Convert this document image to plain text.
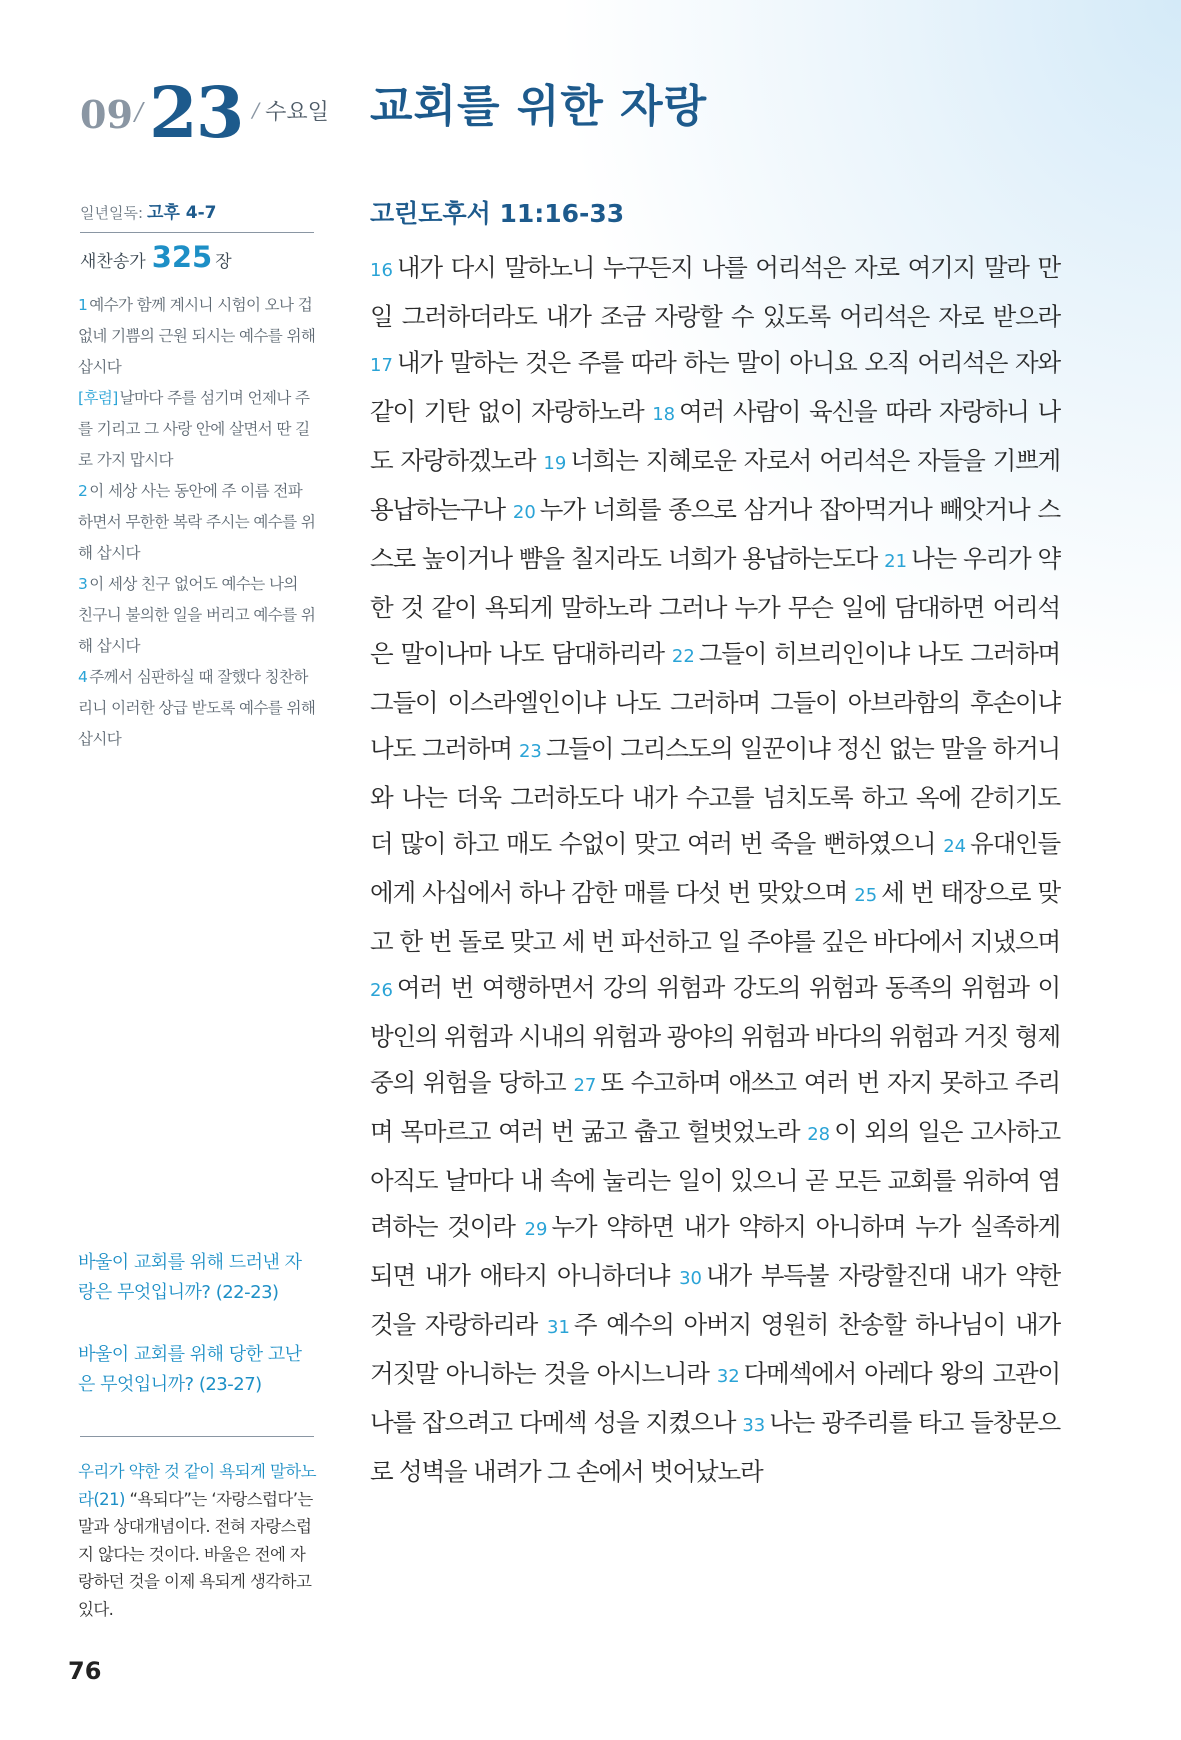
09 / 23 / 수요일 교회를 위한 자랑
일년일독: 고후 4-7
새찬송가 325 장
1 예수가 함께 계시니 시험이 오나 겁 없네 기쁨의 근원 되시는 예수를 위해 삽시다
[후렴] 날마다 주를 섬기며 언제나 주를 기리고 그 사랑 안에 살면서 딴 길로 가지 맙시다
2 이 세상 사는 동안에 주 이름 전파하면서 무한한 복락 주시는 예수를 위해 삽시다
3 이 세상 친구 없어도 예수는 나의 친구니 불의한 일을 버리고 예수를 위해 삽시다
4 주께서 심판하실 때 잘했다 칭찬하리니 이러한 상급 받도록 예수를 위해 삽시다
바울이 교회를 위해 드러낸 자랑은 무엇입니까? (22-23)
바울이 교회를 위해 당한 고난은 무엇입니까? (23-27)
우리가 약한 것 같이 욕되게 말하노라(21) “욕되다”는 ‘자랑스럽다’는 말과 상대개념이다. 전혀 자랑스럽지 않다는 것이다. 바울은 전에 자랑하던 것을 이제 욕되게 생각하고 있다.
76
고린도후서 11:16-33
16 내가 다시 말하노니 누구든지 나를 어리석은 자로 여기지 말라 만일 그러하더라도 내가 조금 자랑할 수 있도록 어리석은 자로 받으라 17 내가 말하는 것은 주를 따라 하는 말이 아니요 오직 어리석은 자와 같이 기탄 없이 자랑하노라 18 여러 사람이 육신을 따라 자랑하니 나도 자랑하겠노라 19 너희는 지혜로운 자로서 어리석은 자들을 기쁘게 용납하는구나 20 누가 너희를 종으로 삼거나 잡아먹거나 빼앗거나 스스로 높이거나 뺨을 칠지라도 너희가 용납하는도다 21 나는 우리가 약한 것 같이 욕되게 말하노라 그러나 누가 무슨 일에 담대하면 어리석은 말이나마 나도 담대하리라 22 그들이 히브리인이냐 나도 그러하며 그들이 이스라엘인이냐 나도 그러하며 그들이 아브라함의 후손이냐 나도 그러하며 23 그들이 그리스도의 일꾼이냐 정신 없는 말을 하거니와 나는 더욱 그러하도다 내가 수고를 넘치도록 하고 옥에 갇히기도 더 많이 하고 매도 수없이 맞고 여러 번 죽을 뻔하였으니 24 유대인들에게 사십에서 하나 감한 매를 다섯 번 맞았으며 25 세 번 태장으로 맞고 한 번 돌로 맞고 세 번 파선하고 일 주야를 깊은 바다에서 지냈으며 26 여러 번 여행하면서 강의 위험과 강도의 위험과 동족의 위험과 이방인의 위험과 시내의 위험과 광야의 위험과 바다의 위험과 거짓 형제 중의 위험을 당하고 27 또 수고하며 애쓰고 여러 번 자지 못하고 주리며 목마르고 여러 번 굶고 춥고 헐벗었노라 28 이 외의 일은 고사하고 아직도 날마다 내 속에 눌리는 일이 있으니 곧 모든 교회를 위하여 염려하는 것이라 29 누가 약하면 내가 약하지 아니하며 누가 실족하게 되면 내가 애타지 아니하더냐 30 내가 부득불 자랑할진대 내가 약한 것을 자랑하리라 31 주 예수의 아버지 영원히 찬송할 하나님이 내가 거짓말 아니하는 것을 아시느니라 32 다메섹에서 아레다 왕의 고관이 나를 잡으려고 다메섹 성을 지켰으나 33 나는 광주리를 타고 들창문으로 성벽을 내려가 그 손에서 벗어났노라
